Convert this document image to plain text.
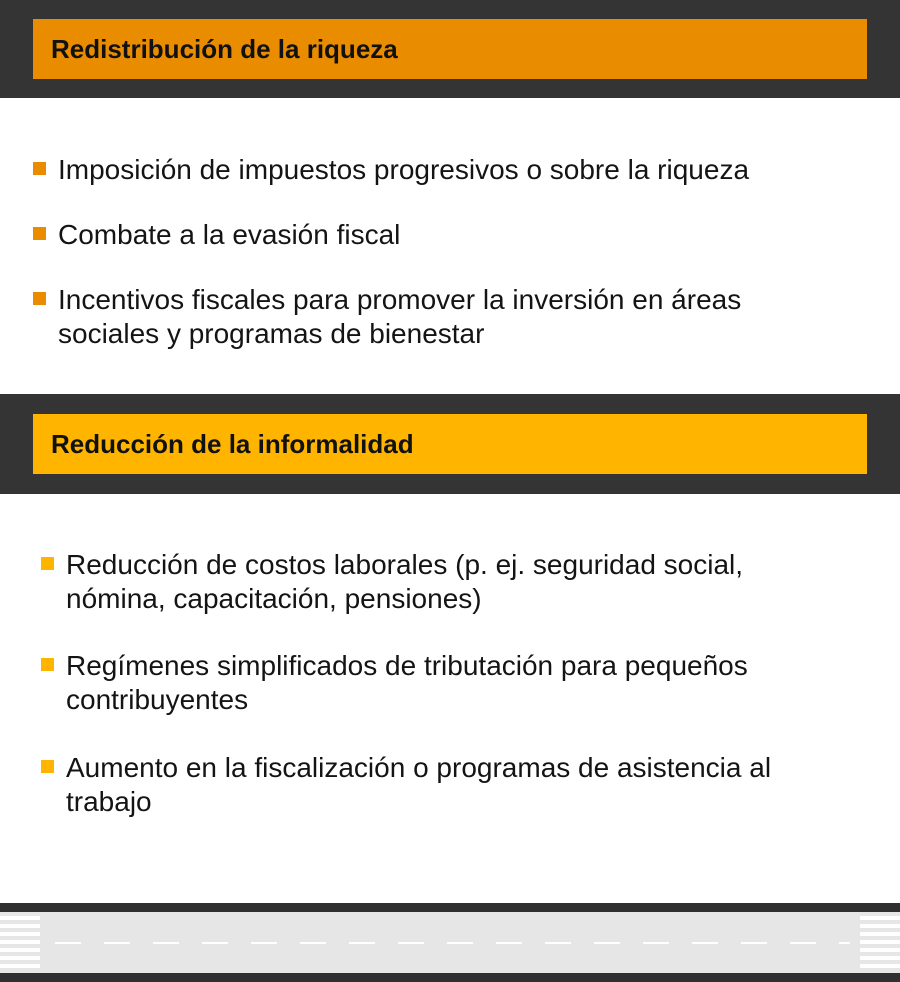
Redistribución de la riqueza
Imposición de impuestos progresivos o sobre la riqueza
Combate a la evasión fiscal
Incentivos fiscales para promover la inversión en áreas sociales y programas de bienestar
Reducción de la informalidad
Reducción de costos laborales (p. ej. seguridad social, nómina, capacitación, pensiones)
Regímenes simplificados de tributación para pequeños contribuyentes
Aumento en la fiscalización o programas de asistencia al trabajo
